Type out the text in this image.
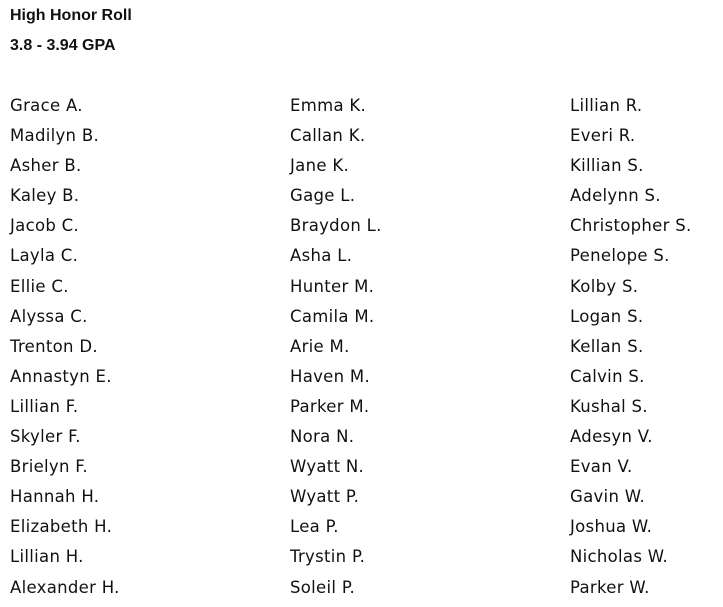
High Honor Roll
3.8 - 3.94 GPA
Grace A.
Madilyn B.
Asher B.
Kaley B.
Jacob C.
Layla C.
Ellie C.
Alyssa C.
Trenton D.
Annastyn E.
Lillian F.
Skyler F.
Brielyn F.
Hannah H.
Elizabeth H.
Lillian H.
Alexander H.
Emma K.
Callan K.
Jane K.
Gage L.
Braydon L.
Asha L.
Hunter M.
Camila M.
Arie M.
Haven M.
Parker M.
Nora N.
Wyatt N.
Wyatt P.
Lea P.
Trystin P.
Soleil P.
Lillian R.
Everi R.
Killian S.
Adelynn S.
Christopher S.
Penelope S.
Kolby S.
Logan S.
Kellan S.
Calvin S.
Kushal S.
Adesyn V.
Evan V.
Gavin W.
Joshua W.
Nicholas W.
Parker W.
